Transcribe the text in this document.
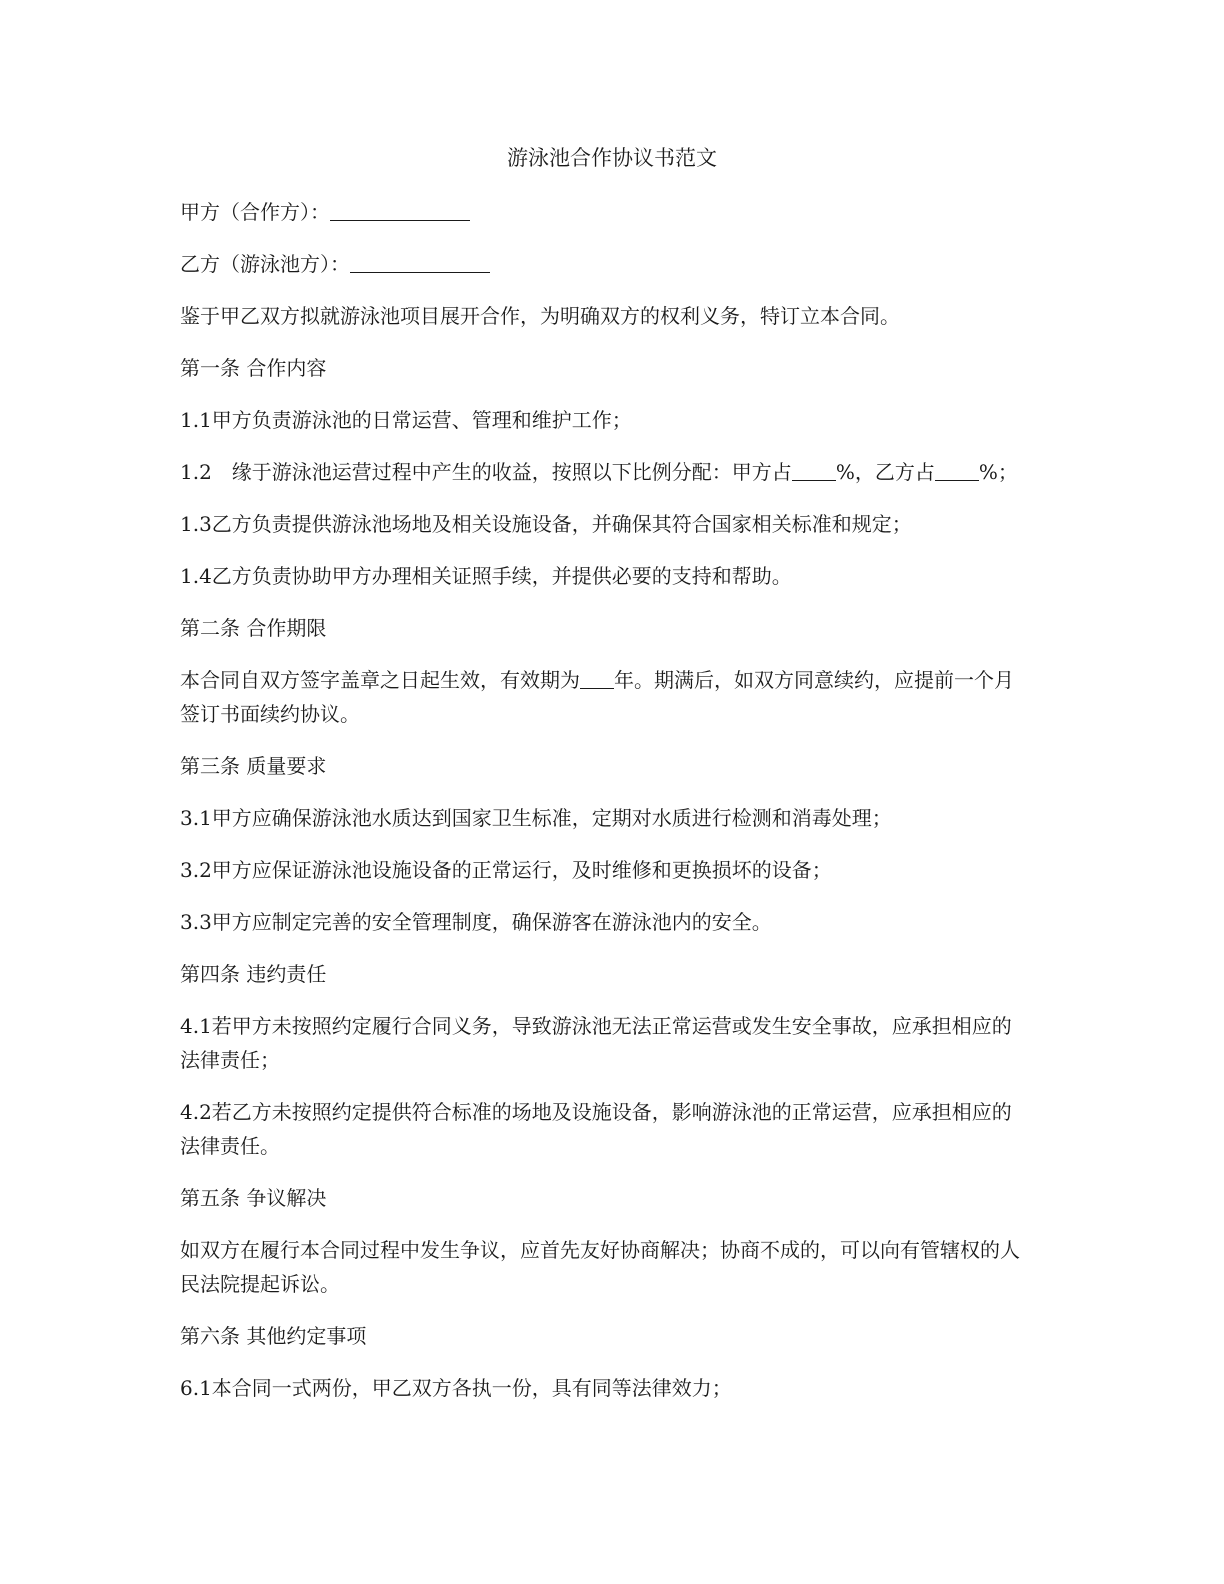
游泳池合作协议书范文
甲方（合作方）：
乙方（游泳池方）：
鉴于甲乙双方拟就游泳池项目展开合作，为明确双方的权利义务，特订立本合同。
第一条 合作内容
1.1甲方负责游泳池的日常运营、管理和维护工作；
1.2　缘于游泳池运营过程中产生的收益，按照以下比例分配：甲方占 %，乙方占 %；
1.3乙方负责提供游泳池场地及相关设施设备，并确保其符合国家相关标准和规定；
1.4乙方负责协助甲方办理相关证照手续，并提供必要的支持和帮助。
第二条 合作期限
本合同自双方签字盖章之日起生效，有效期为 年。期满后，如双方同意续约，应提前一个月签订书面续约协议。
第三条 质量要求
3.1甲方应确保游泳池水质达到国家卫生标准，定期对水质进行检测和消毒处理；
3.2甲方应保证游泳池设施设备的正常运行，及时维修和更换损坏的设备；
3.3甲方应制定完善的安全管理制度，确保游客在游泳池内的安全。
第四条 违约责任
4.1若甲方未按照约定履行合同义务，导致游泳池无法正常运营或发生安全事故，应承担相应的法律责任；
4.2若乙方未按照约定提供符合标准的场地及设施设备，影响游泳池的正常运营，应承担相应的法律责任。
第五条 争议解决
如双方在履行本合同过程中发生争议，应首先友好协商解决；协商不成的，可以向有管辖权的人民法院提起诉讼。
第六条 其他约定事项
6.1本合同一式两份，甲乙双方各执一份，具有同等法律效力；
